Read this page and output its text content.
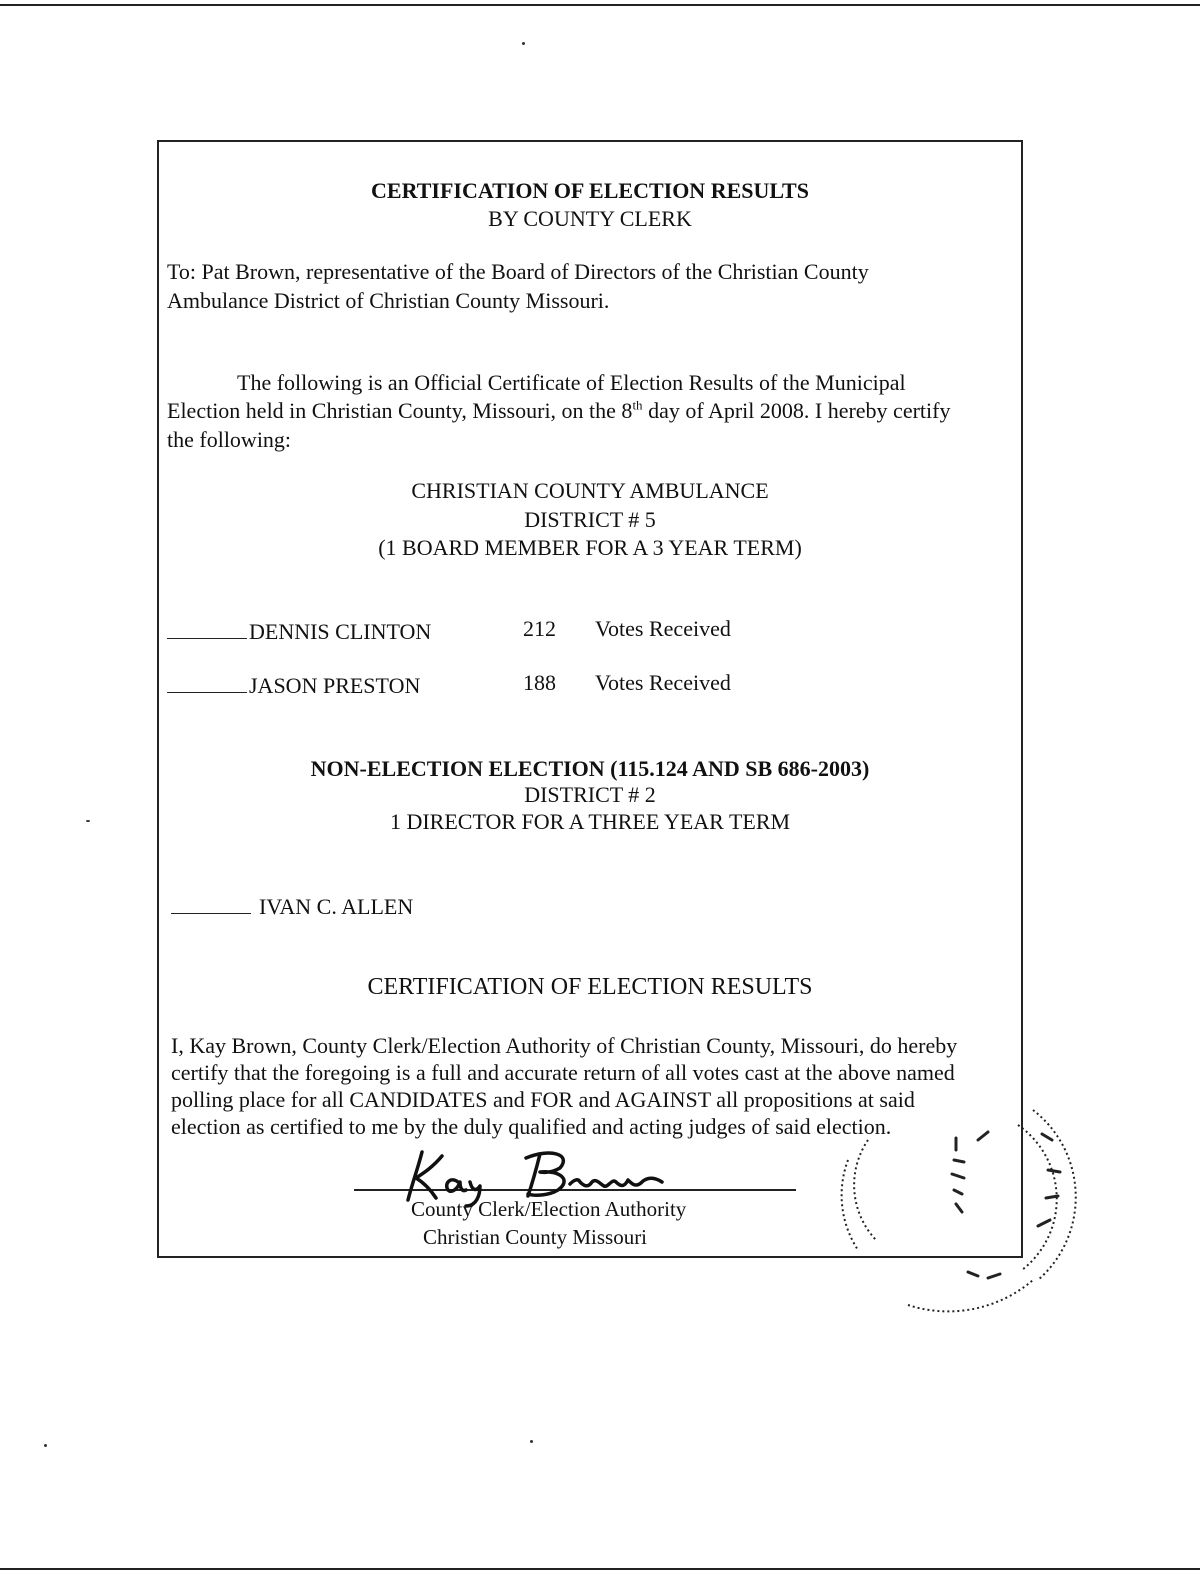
CERTIFICATION OF ELECTION RESULTS
BY COUNTY CLERK
To: Pat Brown, representative of the Board of Directors of the Christian County
Ambulance District of Christian County Missouri.
The following is an Official Certificate of Election Results of the Municipal
Election held in Christian County, Missouri, on the 8th day of April 2008. I hereby certify
the following:
CHRISTIAN COUNTY AMBULANCE
DISTRICT # 5
(1 BOARD MEMBER FOR A 3 YEAR TERM)
DENNIS CLINTON	212 Votes Received
JASON PRESTON	188 Votes Received
NON-ELECTION ELECTION (115.124 AND SB 686-2003)
DISTRICT # 2
1 DIRECTOR FOR A THREE YEAR TERM
IVAN C. ALLEN
CERTIFICATION OF ELECTION RESULTS
I, Kay Brown, County Clerk/Election Authority of Christian County, Missouri, do hereby
certify that the foregoing is a full and accurate return of all votes cast at the above named
polling place for all CANDIDATES and FOR and AGAINST all propositions at said
election as certified to me by the duly qualified and acting judges of said election.
County Clerk/Election Authority
Christian County Missouri
